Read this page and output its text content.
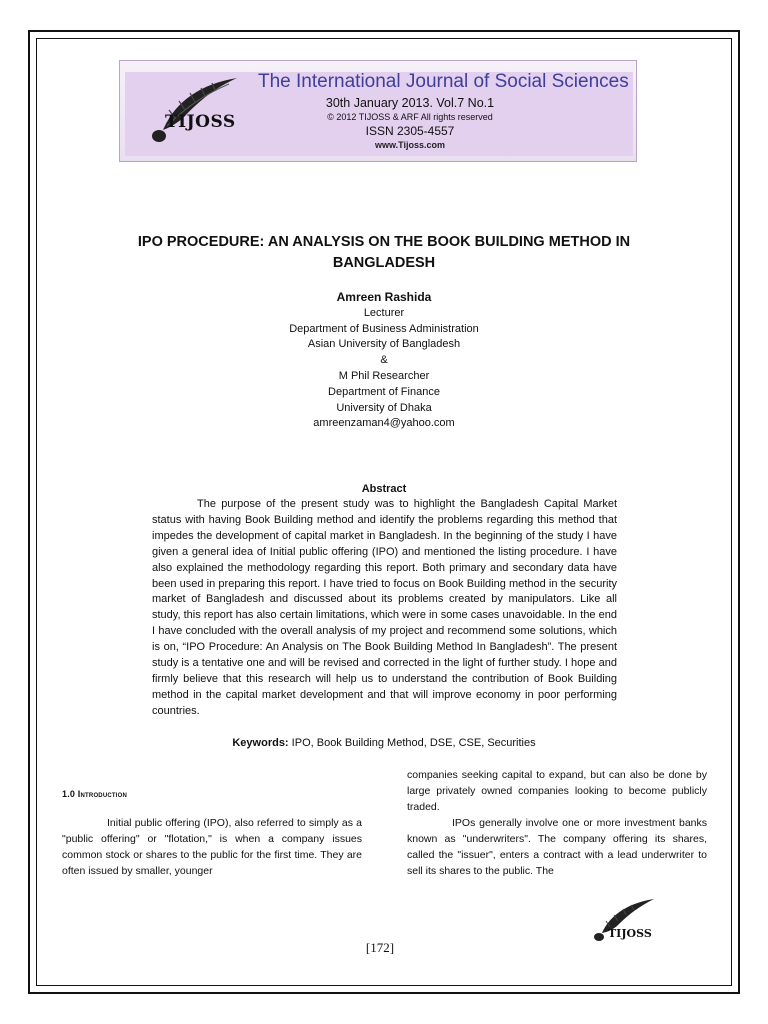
TIJOSS
The International Journal of Social Sciences
30th January 2013. Vol.7 No.1
© 2012 TIJOSS & ARF All rights reserved
ISSN 2305-4557
www.Tijoss.com
IPO PROCEDURE: AN ANALYSIS ON THE BOOK BUILDING METHOD IN BANGLADESH
Amreen Rashida
Lecturer
Department of Business Administration
Asian University of Bangladesh
&
M Phil Researcher
Department of Finance
University of Dhaka
amreenzaman4@yahoo.com
Abstract
The purpose of the present study was to highlight the Bangladesh Capital Market status with having Book Building method and identify the problems regarding this method that impedes the development of capital market in Bangladesh. In the beginning of the study I have given a general idea of Initial public offering (IPO) and mentioned the listing procedure. I have also explained the methodology regarding this report. Both primary and secondary data have been used in preparing this report. I have tried to focus on Book Building method in the security market of Bangladesh and discussed about its problems created by manipulators. Like all study, this report has also certain limitations, which were in some cases unavoidable. In the end I have concluded with the overall analysis of my project and recommend some solutions, which is on, “IPO Procedure: An Analysis on The Book Building Method In Bangladesh”. The present study is a tentative one and will be revised and corrected in the light of further study. I hope and firmly believe that this research will help us to understand the contribution of Book Building method in the capital market development and that will improve economy in poor performing countries.
Keywords: IPO, Book Building Method, DSE, CSE, Securities
1.0 Introduction
Initial public offering (IPO), also referred to simply as a "public offering" or "flotation," is when a company issues common stock or shares to the public for the first time. They are often issued by smaller, younger
companies seeking capital to expand, but can also be done by large privately owned companies looking to become publicly traded.
IPOs generally involve one or more investment banks known as "underwriters". The company offering its shares, called the "issuer", enters a contract with a lead underwriter to sell its shares to the public. The
TIJOSS
[172]
